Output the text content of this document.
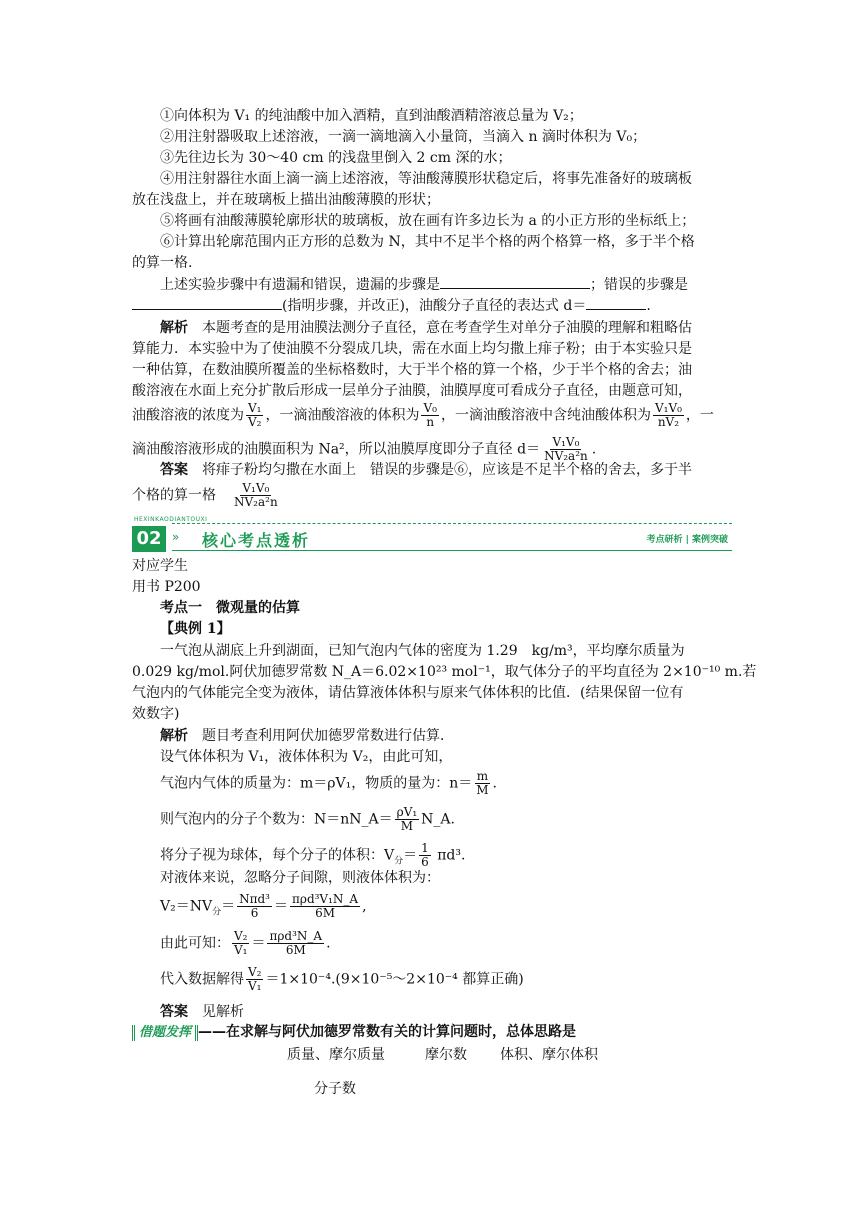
①向体积为 V₁ 的纯油酸中加入酒精，直到油酸酒精溶液总量为 V₂；
②用注射器吸取上述溶液，一滴一滴地滴入小量筒，当滴入 n 滴时体积为 V₀；
③先往边长为 30～40 cm 的浅盘里倒入 2 cm 深的水；
④用注射器往水面上滴一滴上述溶液，等油酸薄膜形状稳定后，将事先准备好的玻璃板
放在浅盘上，并在玻璃板上描出油酸薄膜的形状；
⑤将画有油酸薄膜轮廓形状的玻璃板，放在画有许多边长为 a 的小正方形的坐标纸上；
⑥计算出轮廓范围内正方形的总数为 N，其中不足半个格的两个格算一格，多于半个格
的算一格.
上述实验步骤中有遗漏和错误，遗漏的步骤是	；错误的步骤是
(指明步骤，并改正)，油酸分子直径的表达式 d＝	.
解析　 本题考查的是用油膜法测分子直径，意在考查学生对单分子油膜的理解和粗略估
算能力．本实验中为了使油膜不分裂成几块，需在水面上均匀撒上痱子粉；由于本实验只是
一种估算，在数油膜所覆盖的坐标格数时，大于半个格的算一个格，少于半个格的舍去；油
酸溶液在水面上充分扩散后形成一层单分子油膜，油膜厚度可看成分子直径，由题意可知，
油酸溶液的浓度为 $\frac{\text{V₁}}{\text{V₂}}$ ，一滴油酸溶液的体积为 $\frac{\text{V₀}}{n}$ ，一滴油酸溶液中含纯油酸体积为 $\frac{\text{V₁V₀}}{\text{nV₂}}$ ，一
滴油酸溶液形成的油膜面积为 Na²，所以油膜厚度即分子直径 $d= \frac{\text{V₁V₀}}{\text{NV₂a²n}}$ .
答案　 将痱子粉均匀撒在水面上　错误的步骤是⑥，应该是不足半个格的舍去，多于半
个格的算一格　 $\frac{\text{V₁V₀}}{\text{NV₂a²n}}$
HEXINKAODIANTOUXI
02 » 核心考点透析	考点研析 | 案例突破
对应学生
用书 P200
考点一　微观量的估算
【典例 1】
一气泡从湖底上升到湖面，已知气泡内气体的密度为 1.29　kg/m³，平均摩尔质量为
0.029 kg/mol.阿伏加德罗常数 N_A＝6.02×10²³ mol⁻¹，取气体分子的平均直径为 2×10⁻¹⁰ m.若
气泡内的气体能完全变为液体，请估算液体体积与原来气体体积的比值．(结果保留一位有
效数字)
解析　 题目考查利用阿伏加德罗常数进行估算．
设气体体积为 V₁，液体体积为 V₂，由此可知，
气泡内气体的质量为：m＝ρV₁，物质的量为：$n= \frac{m}{M}$ .
则气泡内的分子个数为：N＝nN_A＝ $\frac{\text{ρV₁}}{M}$ N_A.
将分子视为球体，每个分子的体积：$V_分= \frac{1}{6} \pi d^3$.
对液体来说，忽略分子间隙，则液体体积为：
$V_2=NV_分= \frac{\text{Nπd³}}{6} = \frac{\text{πρd³V₁N\_A}}{6M}$ ,
由此可知： $\frac{\text{V₂}}{\text{V₁}} = \frac{\text{πρd³N\_A}}{6M}$ .
代入数据解得 $\frac{\text{V₂}}{\text{V₁}}$ ＝1×10⁻⁴.(9×10⁻⁵～2×10⁻⁴ 都算正确)
答案　 见解析
借题发挥 ——在求解与阿伏加德罗常数有关的计算问题时，总体思路是
质量、摩尔质量	摩尔数 体积、摩尔体积
分子数
